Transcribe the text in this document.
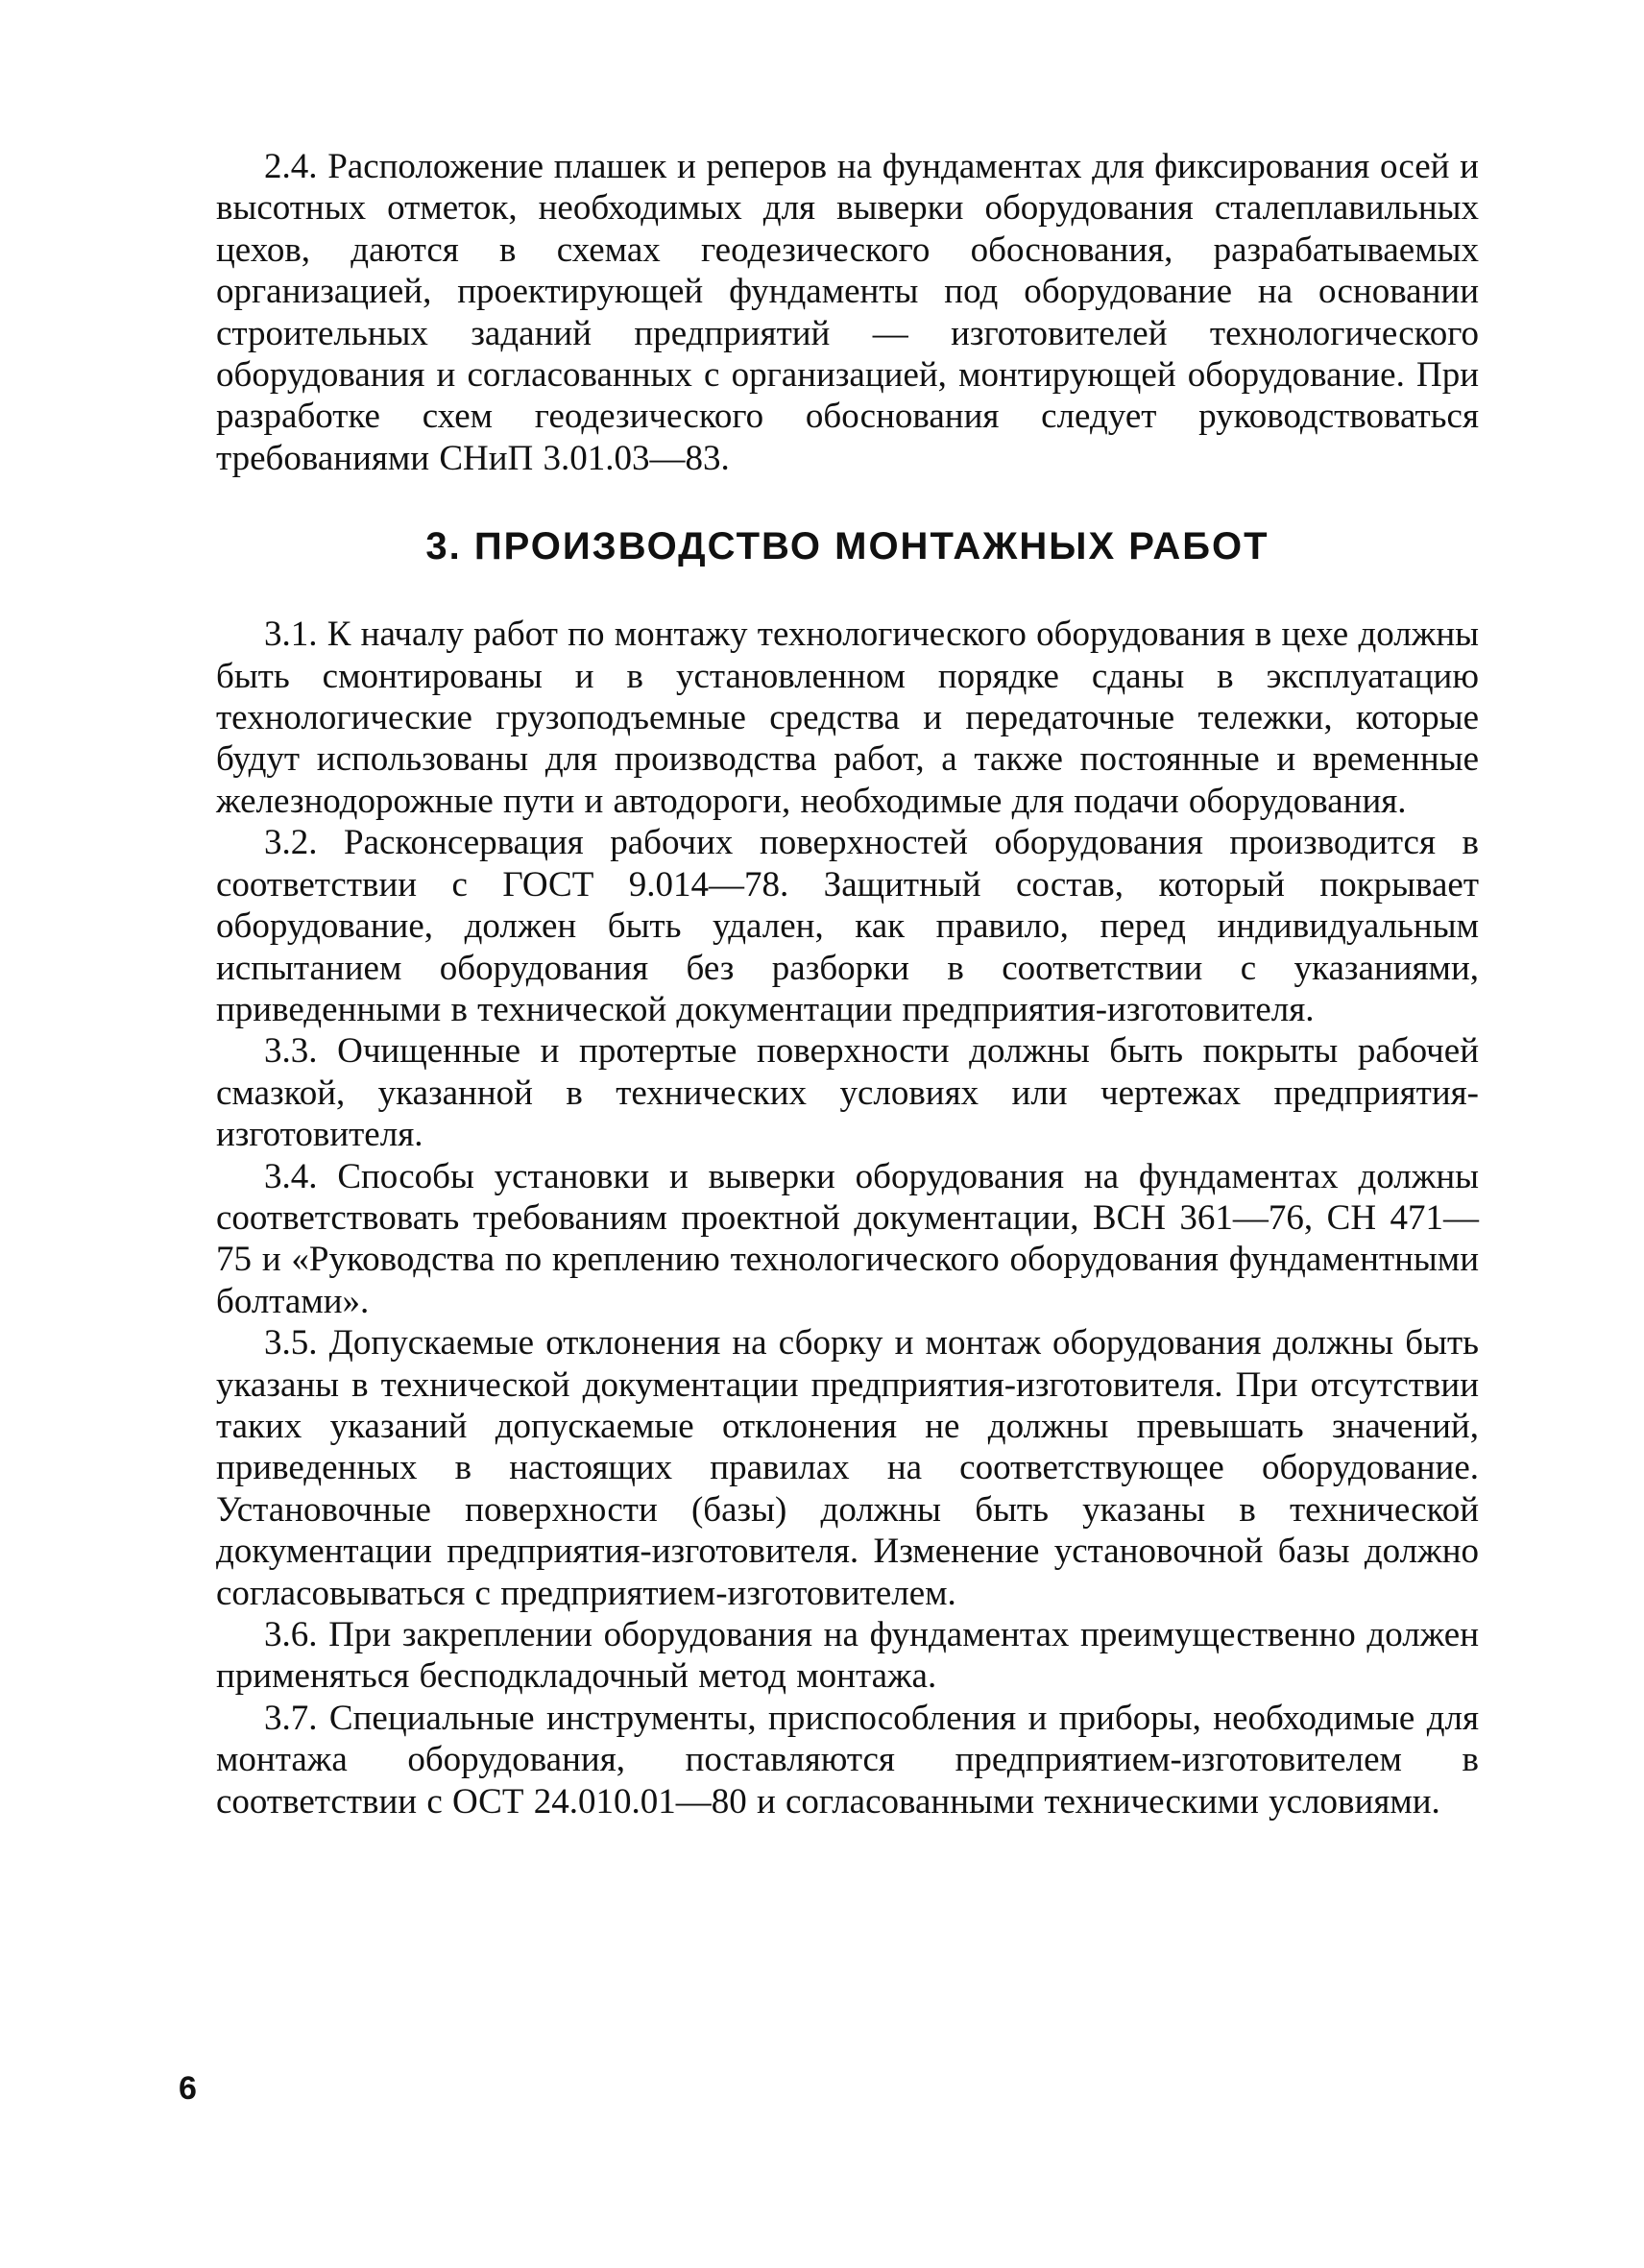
2.4. Расположение плашек и реперов на фундаментах для фиксирования осей и высотных отметок, необходимых для выверки оборудования сталеплавильных цехов, даются в схемах геодезического обоснования, разрабатываемых организацией, проектирующей фундаменты под оборудование на основании строительных заданий предприятий — изготовителей технологического оборудования и согласованных с организацией, монтирующей оборудование. При разработке схем геодезического обоснования следует руководствоваться требованиями СНиП 3.01.03—83.

3. ПРОИЗВОДСТВО МОНТАЖНЫХ РАБОТ

3.1. К началу работ по монтажу технологического оборудования в цехе должны быть смонтированы и в установленном порядке сданы в эксплуатацию технологические грузоподъемные средства и передаточные тележки, которые будут использованы для производства работ, а также постоянные и временные железнодорожные пути и автодороги, необходимые для подачи оборудования.

3.2. Расконсервация рабочих поверхностей оборудования производится в соответствии с ГОСТ 9.014—78. Защитный состав, который покрывает оборудование, должен быть удален, как правило, перед индивидуальным испытанием оборудования без разборки в соответствии с указаниями, приведенными в технической документации предприятия-изготовителя.

3.3. Очищенные и протертые поверхности должны быть покрыты рабочей смазкой, указанной в технических условиях или чертежах предприятия-изготовителя.

3.4. Способы установки и выверки оборудования на фундаментах должны соответствовать требованиям проектной документации, ВСН 361—76, СН 471—75 и «Руководства по креплению технологического оборудования фундаментными болтами».

3.5. Допускаемые отклонения на сборку и монтаж оборудования должны быть указаны в технической документации предприятия-изготовителя. При отсутствии таких указаний допускаемые отклонения не должны превышать значений, приведенных в настоящих правилах на соответствующее оборудование. Установочные поверхности (базы) должны быть указаны в технической документации предприятия-изготовителя. Изменение установочной базы должно согласовываться с предприятием-изготовителем.

3.6. При закреплении оборудования на фундаментах преимущественно должен применяться бесподкладочный метод монтажа.

3.7. Специальные инструменты, приспособления и приборы, необходимые для монтажа оборудования, поставляются предприятием-изготовителем в соответствии с ОСТ 24.010.01—80 и согласованными техническими условиями.

6
